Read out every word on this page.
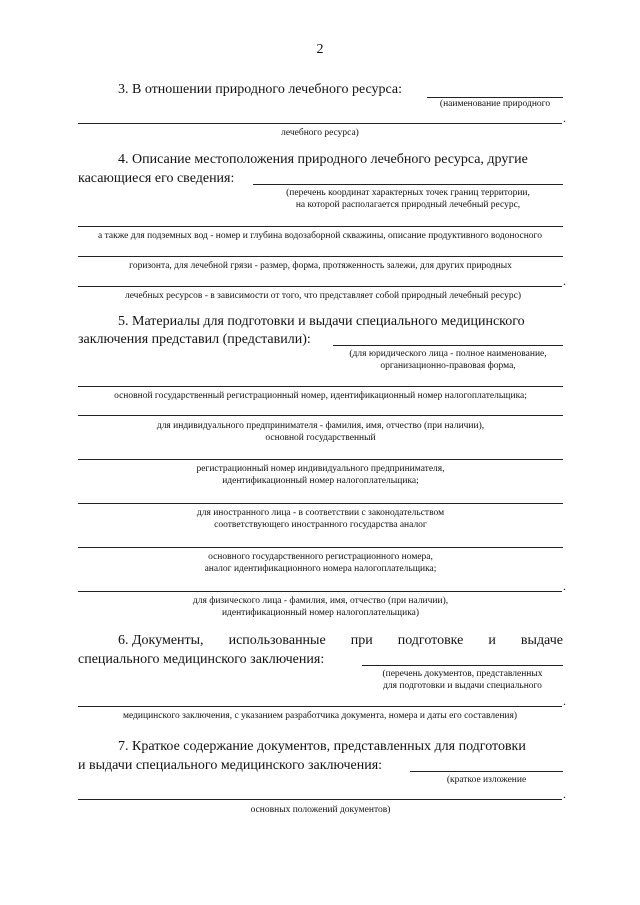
2
3. В отношении природного лечебного ресурса:
(наименование природного
.
лечебного ресурса)
4. Описание местоположения природного лечебного ресурса, другие
касающиеся его сведения:
(перечень координат характерных точек границ территории,
на которой располагается природный лечебный ресурс,
а также для подземных вод - номер и глубина водозаборной скважины, описание продуктивного водоносного
горизонта, для лечебной грязи - размер, форма, протяженность залежи, для других природных
.
лечебных ресурсов - в зависимости от того, что представляет собой природный лечебный ресурс)
5. Материалы для подготовки и выдачи специального медицинского
заключения представил (представили):
(для юридического лица - полное наименование,
организационно-правовая форма,
основной государственный регистрационный номер, идентификационный номер налогоплательщика;
для индивидуального предпринимателя - фамилия, имя, отчество (при наличии),
основной государственный
регистрационный номер индивидуального предпринимателя,
идентификационный номер налогоплательщика;
для иностранного лица - в соответствии с законодательством
соответствующего иностранного государства аналог
основного государственного регистрационного номера,
аналог идентификационного номера налогоплательщика;
.
для физического лица - фамилия, имя, отчество (при наличии),
идентификационный номер налогоплательщика)
6. Документы, использованные при подготовке и выдаче
специального медицинского заключения:
(перечень документов, представленных
для подготовки и выдачи специального
.
медицинского заключения, с указанием разработчика документа, номера и даты его составления)
7. Краткое содержание документов, представленных для подготовки
и выдачи специального медицинского заключения:
(краткое изложение
.
основных положений документов)
